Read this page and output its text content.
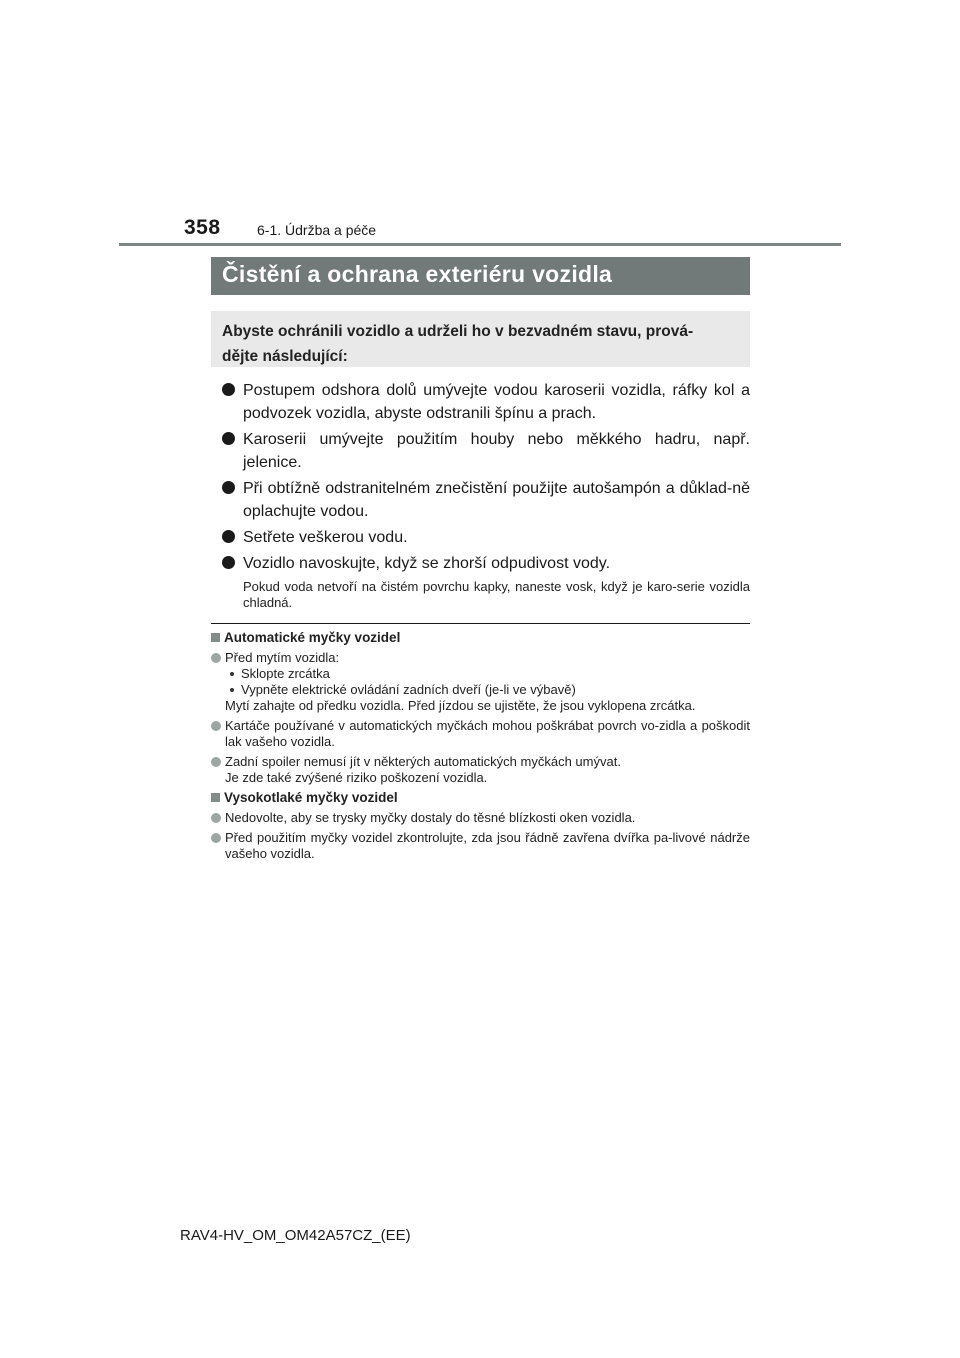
358	6-1. Údržba a péče
Čistění a ochrana exteriéru vozidla
Abyste ochránili vozidlo a udrželi ho v bezvadném stavu, prová-
dějte následující:
Postupem odshora dolů umývejte vodou karoserii vozidla, ráfky kol a podvozek vozidla, abyste odstranili špínu a prach.
Karoserii umývejte použitím houby nebo měkkého hadru, např. jelenice.
Při obtížně odstranitelném znečistění použijte autošampón a důklad-ně oplachujte vodou.
Setřete veškerou vodu.
Vozidlo navoskujte, když se zhorší odpudivost vody.
Pokud voda netvoří na čistém povrchu kapky, naneste vosk, když je karo-serie vozidla chladná.
Automatické myčky vozidel
Před mytím vozidla:
Sklopte zrcátka
Vypněte elektrické ovládání zadních dveří (je-li ve výbavě)
Mytí zahajte od předku vozidla. Před jízdou se ujistěte, že jsou vyklopena zrcátka.
Kartáče používané v automatických myčkách mohou poškrábat povrch vo-zidla a poškodit lak vašeho vozidla.
Zadní spoiler nemusí jít v některých automatických myčkách umývat.
Je zde také zvýšené riziko poškození vozidla.
Vysokotlaké myčky vozidel
Nedovolte, aby se trysky myčky dostaly do těsné blízkosti oken vozidla.
Před použitím myčky vozidel zkontrolujte, zda jsou řádně zavřena dvířka pa-livové nádrže vašeho vozidla.
RAV4-HV_OM_OM42A57CZ_(EE)
